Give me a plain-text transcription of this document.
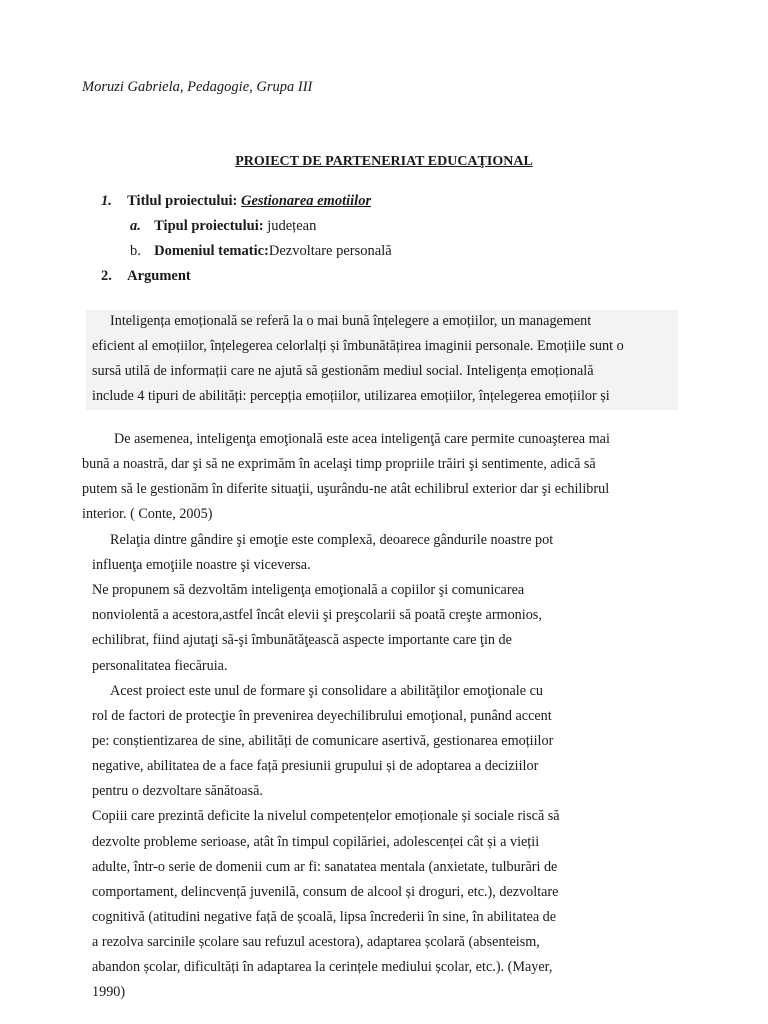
Moruzi Gabriela, Pedagogie, Grupa III
PROIECT DE PARTENERIAT EDUCAŢIONAL
1. Titlul proiectului: Gestionarea emotiilor
a. Tipul proiectului: județean
b. Domeniul tematic:Dezvoltare personală
2. Argument
Inteligența emoțională se referă la o mai bună înțelegere a emoțiilor, un management
eficient al emoțiilor, înțelegerea celorlalți și îmbunătățirea imaginii personale. Emoțiile sunt o
sursă utilă de informații care ne ajută să gestionăm mediul social. Inteligența emoțională
include 4 tipuri de abilități: percepția emoțiilor, utilizarea emoțiilor, înțelegerea emoțiilor și
De asemenea, inteligenţa emoţională este acea inteligenţă care permite cunoaşterea mai
bună a noastră, dar şi să ne exprimăm în acelaşi timp propriile trăiri şi sentimente, adică să
putem să le gestionăm în diferite situaţii, uşurându-ne atât echilibrul exterior dar şi echilibrul
interior. ( Conte, 2005)
Relaţia dintre gândire şi emoţie este complexă, deoarece gândurile noastre pot
influenţa emoţiile noastre şi viceversa.
Ne propunem să dezvoltăm inteligenţa emoţională a copiilor şi comunicarea
nonviolentă a acestora,astfel încât elevii şi preşcolarii să poată creşte armonios,
echilibrat, fiind ajutaţi să-şi îmbunătăţească aspecte importante care ţin de
personalitatea fiecăruia.
Acest proiect este unul de formare şi consolidare a abilităţilor emoţionale cu
rol de factori de protecţie în prevenirea deyechilibrului emoţional, punând accent
pe: conștientizarea de sine, abilități de comunicare asertivă, gestionarea emoțiilor
negative, abilitatea de a face față presiunii grupului și de adoptarea a deciziilor
pentru o dezvoltare sănătoasă.
Copiii care prezintă deficite la nivelul competențelor emoționale și sociale riscă să
dezvolte probleme serioase, atât în timpul copilăriei, adolescenței cât și a vieții
adulte, într-o serie de domenii cum ar fi: sanatatea mentala (anxietate, tulburări de
comportament, delincvență juvenilă, consum de alcool și droguri, etc.), dezvoltare
cognitivă (atitudini negative față de școală, lipsa încrederii în sine, în abilitatea de
a rezolva sarcinile școlare sau refuzul acestora), adaptarea școlară (absenteism,
abandon școlar, dificultăți în adaptarea la cerințele mediului școlar, etc.). (Mayer,
1990)
